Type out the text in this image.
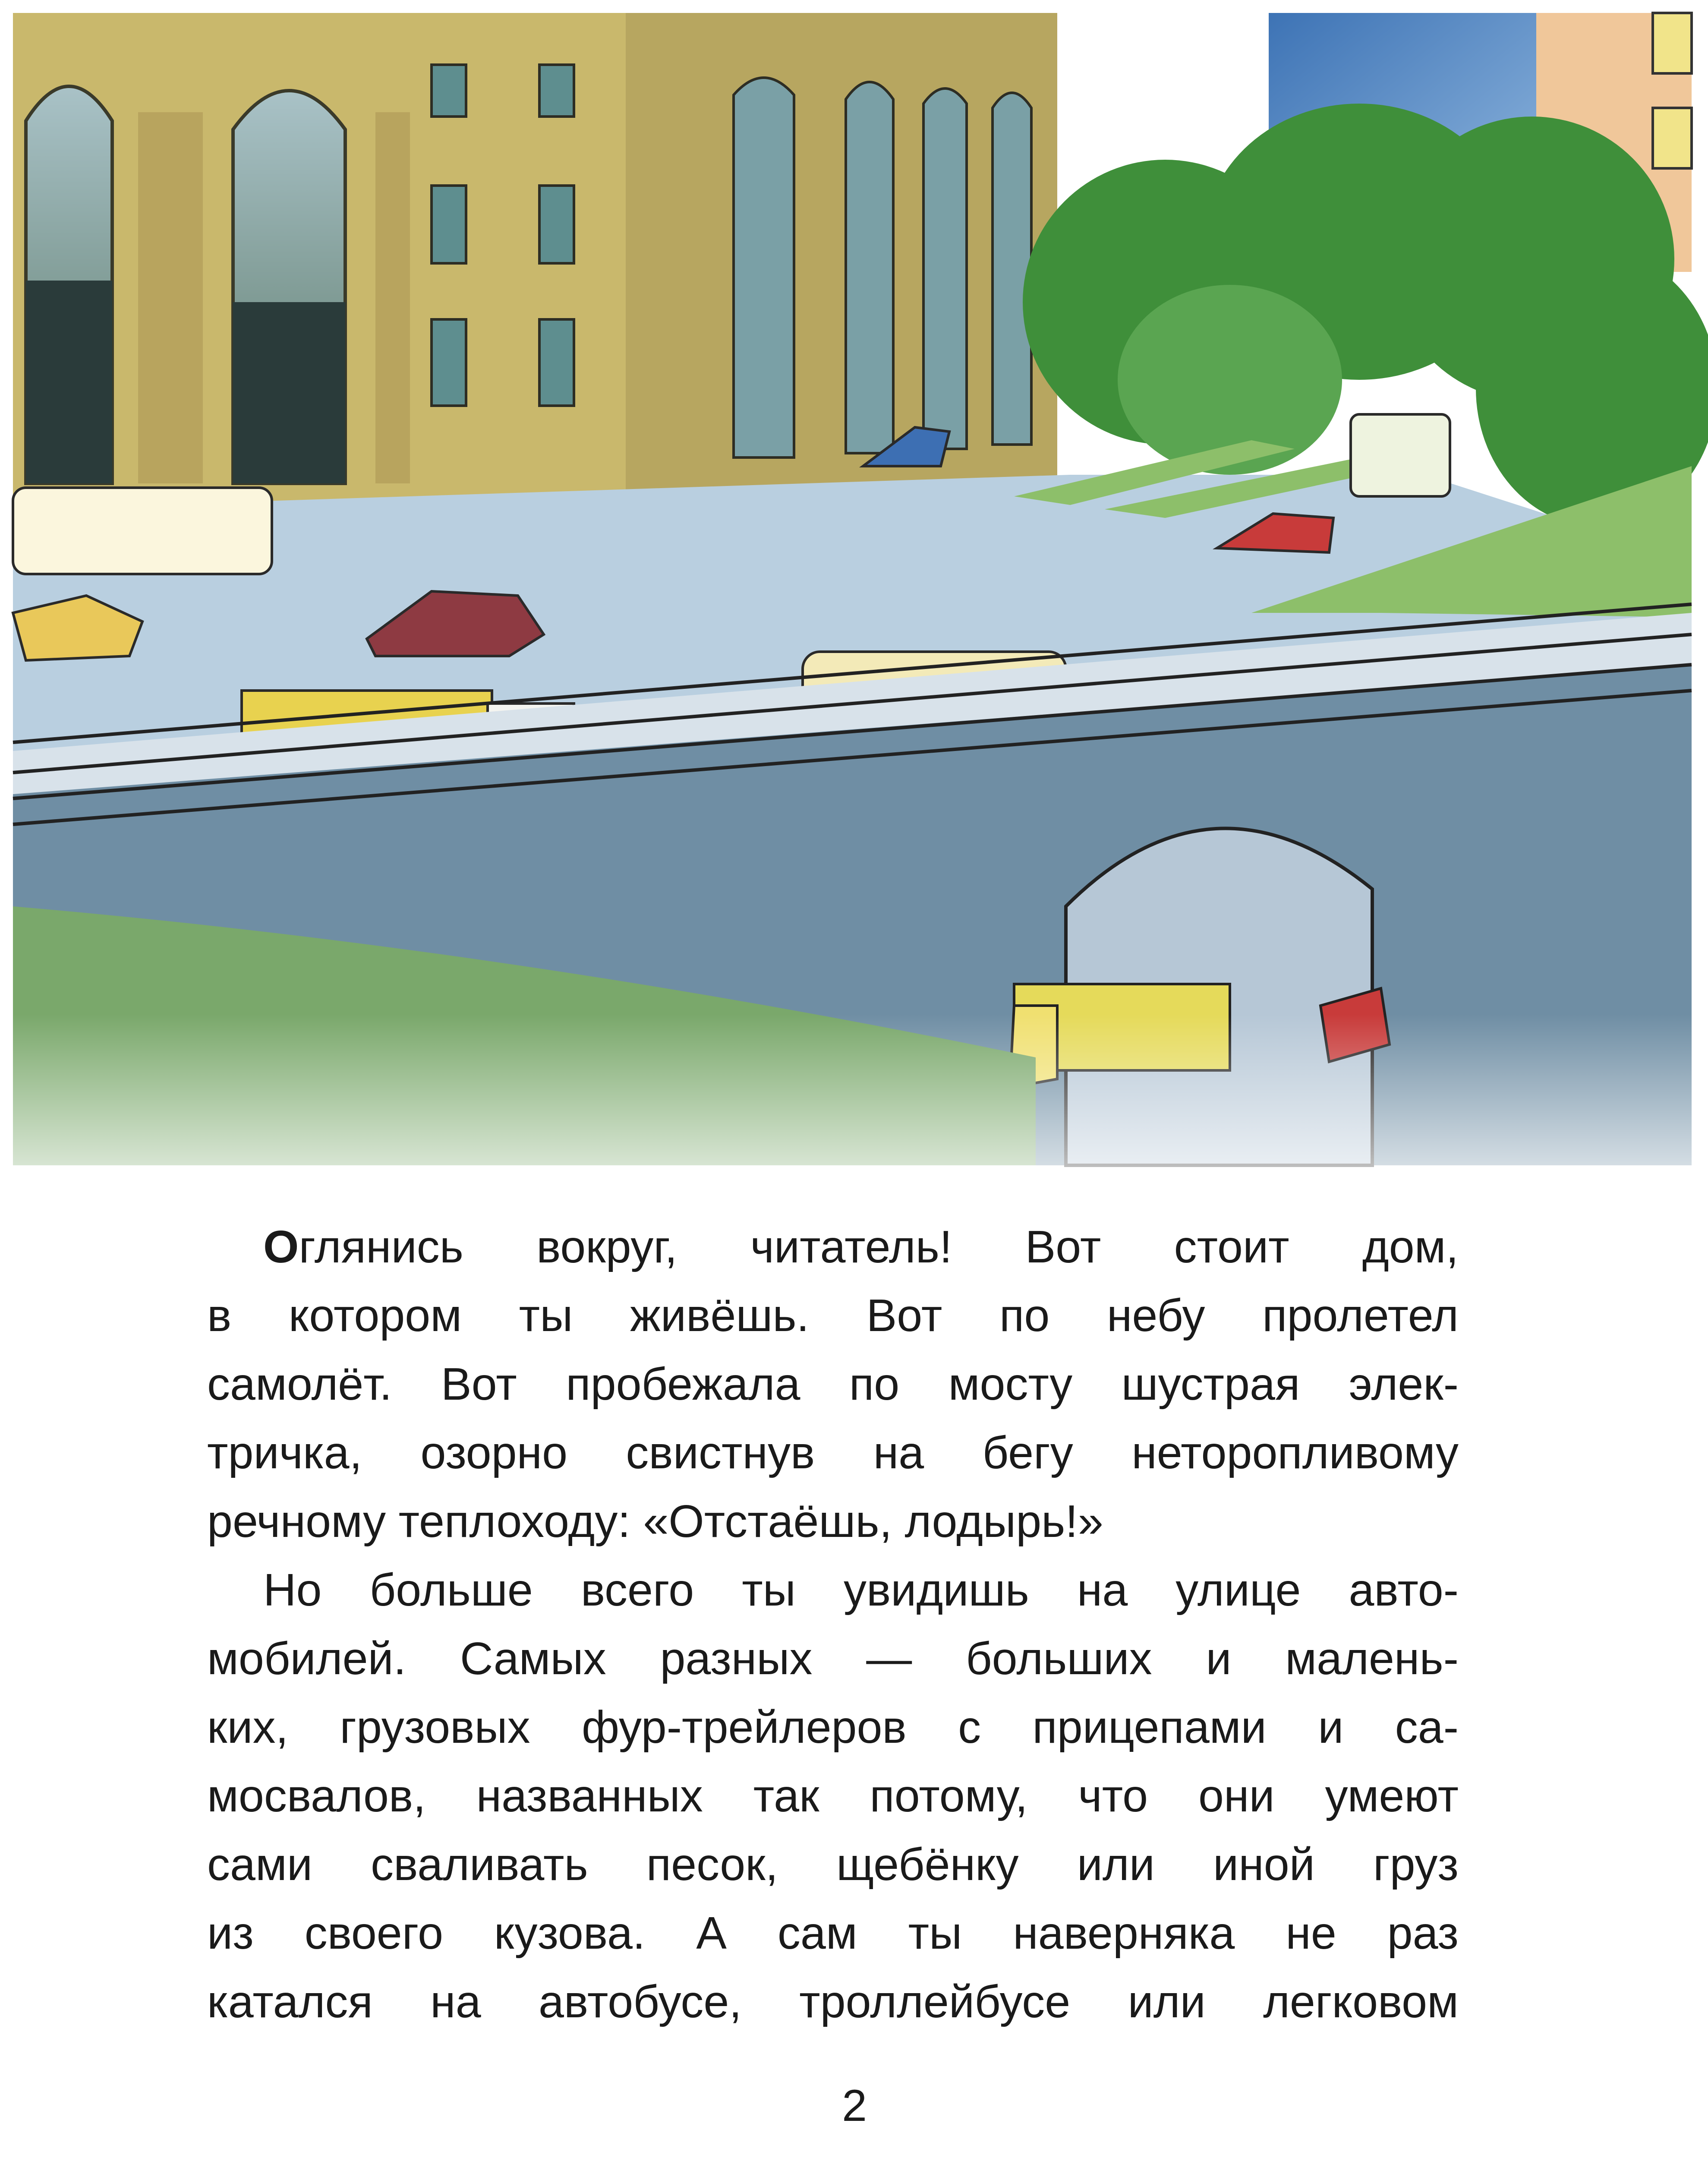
Оглянись вокруг, читатель! Вот стоит дом,
в котором ты живёшь. Вот по небу пролетел
самолёт. Вот пробежала по мосту шустрая элек-
тричка, озорно свистнув на бегу неторопливому
речному теплоходу: «Отстаёшь, лодырь!»

Но больше всего ты увидишь на улице авто-
мобилей. Самых разных — больших и малень-
ких, грузовых фур-трейлеров с прицепами и са-
мосвалов, названных так потому, что они умеют
сами сваливать песок, щебёнку или иной груз
из своего кузова. А сам ты наверняка не раз
катался на автобусе, троллейбусе или легковом

2
